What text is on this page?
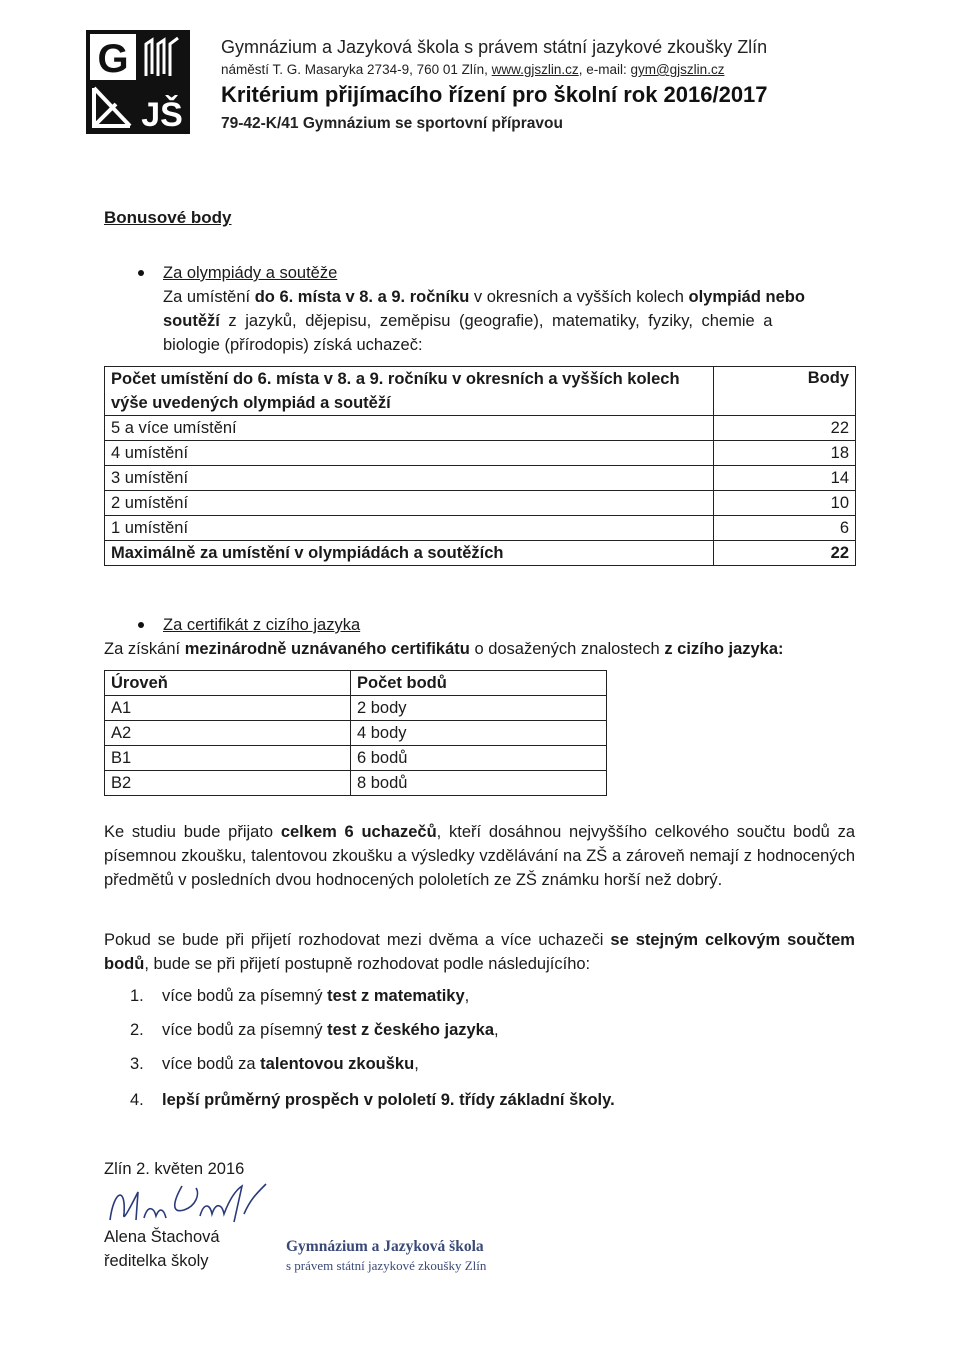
G
JŠ
Gymnázium a Jazyková škola s právem státní jazykové zkoušky Zlín
náměstí T. G. Masaryka 2734-9, 760 01 Zlín, www.gjszlin.cz, e-mail: gym@gjszlin.cz
Kritérium přijímacího řízení pro školní rok 2016/2017
79-42-K/41 Gymnázium se sportovní přípravou
Bonusové body
Za olympiády a soutěže
Za umístění do 6. místa v 8. a 9. ročníku v okresních a vyšších kolech olympiád nebo
soutěží z jazyků, dějepisu, zeměpisu (geografie), matematiky, fyziky, chemie a
biologie (přírodopis) získá uchazeč:
Počet umístění do 6. místa v 8. a 9. ročníku v okresních a vyšších kolech výše uvedených olympiád a soutěží	Body
5 a více umístění	22
4 umístění	18
3 umístění	14
2 umístění	10
1 umístění	6
Maximálně za umístění v olympiádách a soutěžích	22
Za certifikát z cizího jazyka
Za získání mezinárodně uznávaného certifikátu o dosažených znalostech z cizího jazyka:
Úroveň	Počet bodů
A1	2 body
A2	4 body
B1	6 bodů
B2	8 bodů
Ke studiu bude přijato celkem 6 uchazečů, kteří dosáhnou nejvyššího celkového součtu bodů za písemnou zkoušku, talentovou zkoušku a výsledky vzdělávání na ZŠ a zároveň nemají z hodnocených předmětů v posledních dvou hodnocených pololetích ze ZŠ známku horší než dobrý.
Pokud se bude při přijetí rozhodovat mezi dvěma a více uchazeči se stejným celkovým součtem bodů, bude se při přijetí postupně rozhodovat podle následujícího:
1. více bodů za písemný test z matematiky,
2. více bodů za písemný test z českého jazyka,
3. více bodů za talentovou zkoušku,
4. lepší průměrný prospěch v pololetí 9. třídy základní školy.
Zlín 2. květen 2016
Alena Štachová
ředitelka školy
Gymnázium a Jazyková škola
s právem státní jazykové zkoušky Zlín
